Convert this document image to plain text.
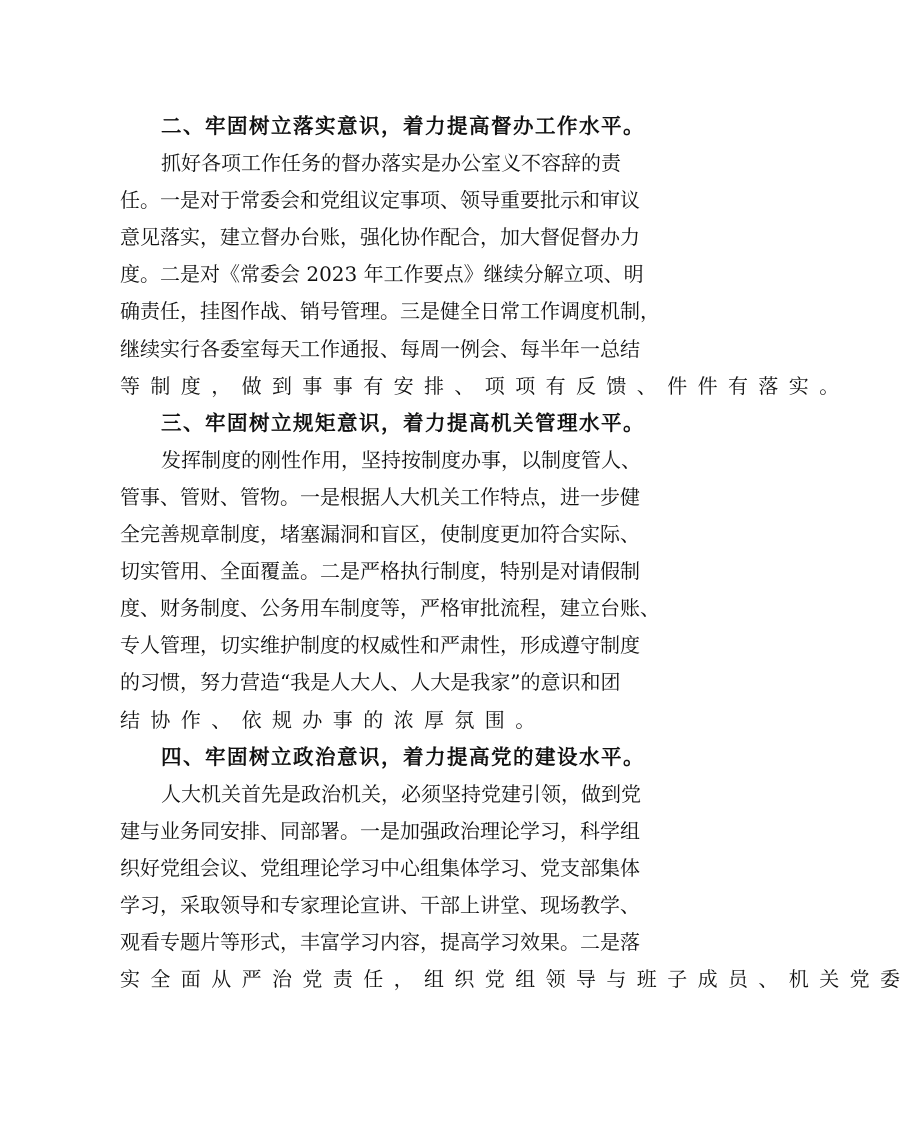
二、牢固树立落实意识，着力提高督办工作水平。

抓好各项工作任务的督办落实是办公室义不容辞的责
任。一是对于常委会和党组议定事项、领导重要批示和审议
意见落实，建立督办台账，强化协作配合，加大督促督办力
度。二是对《常委会 2023 年工作要点》继续分解立项、明
确责任，挂图作战、销号管理。三是健全日常工作调度机制，
继续实行各委室每天工作通报、每周一例会、每半年一总结
等制度，做到事事有安排、项项有反馈、件件有落实。

三、牢固树立规矩意识，着力提高机关管理水平。

发挥制度的刚性作用，坚持按制度办事，以制度管人、
管事、管财、管物。一是根据人大机关工作特点，进一步健
全完善规章制度，堵塞漏洞和盲区，使制度更加符合实际、
切实管用、全面覆盖。二是严格执行制度，特别是对请假制
度、财务制度、公务用车制度等，严格审批流程，建立台账、
专人管理，切实维护制度的权威性和严肃性，形成遵守制度
的习惯，努力营造“我是人大人、人大是我家”的意识和团
结协作、依规办事的浓厚氛围。

四、牢固树立政治意识，着力提高党的建设水平。

人大机关首先是政治机关，必须坚持党建引领，做到党
建与业务同安排、同部署。一是加强政治理论学习，科学组
织好党组会议、党组理论学习中心组集体学习、党支部集体
学习，采取领导和专家理论宣讲、干部上讲堂、现场教学、
观看专题片等形式，丰富学习内容，提高学习效果。二是落
实全面从严治党责任，组织党组领导与班子成员、机关党委
